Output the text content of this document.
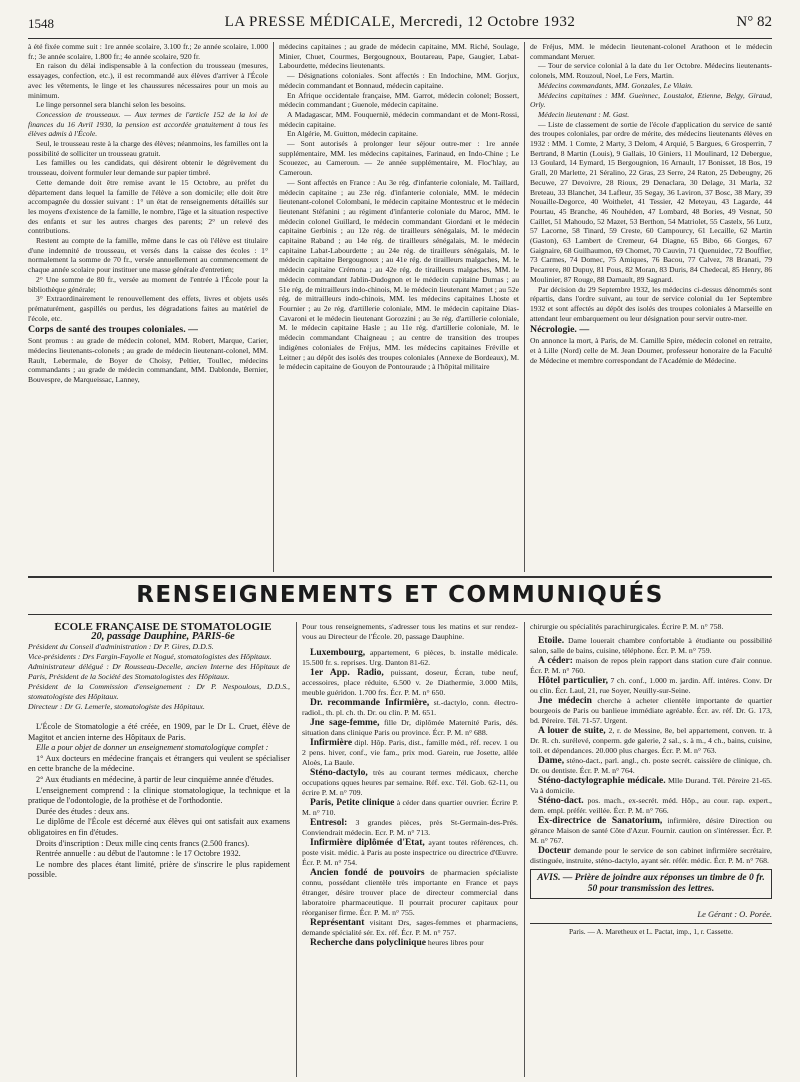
1548	LA PRESSE MÉDICALE, Mercredi, 12 Octobre 1932	N° 82

à été fixée comme suit : 1re année scolaire, 3.100 fr.; 2e année scolaire, 1.000 fr.; 3e année scolaire, 1.800 fr.; 4e année scolaire, 920 fr.

En raison du délai indispensable à la confection du trousseau (mesures, essayages, confection, etc.), il est recommandé aux élèves d'arriver à l'École avec les vêtements, le linge et les chaussures nécessaires pour un mois au minimum.

Le linge personnel sera blanchi selon les besoins.

Concession de trousseaux. — Aux termes de l'article 152 de la loi de finances du 16 Avril 1930, la pension est accordée gratuitement à tous les élèves admis à l'École.

Seul, le trousseau reste à la charge des élèves; néanmoins, les familles ont la possibilité de solliciter un trousseau gratuit.

Les familles ou les candidats, qui désirent obtenir le dégrèvement du trousseau, doivent formuler leur demande sur papier timbré.

Cette demande doit être remise avant le 15 Octobre, au préfet du département dans lequel la famille de l'élève a son domicile; elle doit être accompagnée du dossier suivant : 1° un état de renseignements détaillés sur les moyens d'existence de la famille, le nombre, l'âge et la situation respective des enfants et sur les autres charges des parents; 2° un relevé des contributions.

Restent au compte de la famille, même dans le cas où l'élève est titulaire d'une indemnité de trousseau, et versés dans la caisse des écoles : 1° normalement la somme de 70 fr., versée annuellement au commencement de chaque année scolaire pour instituer une masse générale d'entretien;

2° Une somme de 80 fr., versée au moment de l'entrée à l'École pour la bibliothèque générale;

3° Extraordinairement le renouvellement des effets, livres et objets usés prématurément, gaspillés ou perdus, les dégradations faites au matériel de l'école, etc.

Corps de santé des troupes coloniales. —

Sont promus : au grade de médecin colonel, MM. Robert, Marque, Carier, médecins lieutenants-colonels ; au grade de médecin lieutenant-colonel, MM. Rault, Lebermale, de Boyer de Choisy, Peltier, Toullec, médecins commandants ; au grade de médecin commandant, MM. Dablonde, Bernier, Bouvespre, de Marqueissac, Lanney,

médecins capitaines ; au grade de médecin capitaine, MM. Riché, Soulage, Minier, Chuet, Courmes, Bergougnoux, Boutareau, Pape, Gaugier, Labat-Labourdette, médecins lieutenants.

— Désignations coloniales. Sont affectés : En Indochine, MM. Gorjux, médecin commandant et Bonnaud, médecin capitaine.

En Afrique occidentale française, MM. Garrot, médecin colonel; Bossert, médecin commandant ; Guenole, médecin capitaine.

A Madagascar, MM. Fouquerniè, médecin commandant et de Mont-Rossi, médecin capitaine.

En Algérie, M. Guitton, médecin capitaine.

— Sont autorisés à prolonger leur séjour outre-mer : 1re année supplémentaire, MM. les médecins capitaines, Farinaud, en Indo-Chine ; Le Scouezec, au Cameroun. — 2e année supplémentaire, M. Floc'hlay, au Cameroun.

— Sont affectés en France : Au 3e rég. d'infanterie coloniale, M. Taillard, médecin capitaine ; au 23e rég. d'infanterie coloniale, MM. le médecin lieutenant-colonel Colombani, le médecin capitaine Montestruc et le médecin lieutenant Stéfanini ; au régiment d'infanterie coloniale du Maroc, MM. le médecin colonel Guillard, le médecin commandant Giordani et le médecin capitaine Gerbinis ; au 12e rég. de tirailleurs sénégalais, M. le médecin capitaine Raband ; au 14e rég. de tirailleurs sénégalais, M. le médecin capitaine Labat-Labourdette ; au 24e rég. de tirailleurs sénégalais, M. le médecin capitaine Bergougnoux ; au 41e rég. de tirailleurs malgaches, M. le médecin capitaine Crémona ; au 42e rég. de tirailleurs malgaches, MM. le médecin commandant Jablin-Dudognon et le médecin capitaine Dumas ; au 51e rég. de mitrailleurs indo-chinois, M. le médecin lieutenant Mamet ; au 52e rég. de mitrailleurs indo-chinois, MM. les médecins capitaines Lhoste et Fournier ; au 2e rég. d'artillerie coloniale, MM. le médecin capitaine Dias-Cavaroni et le médecin lieutenant Gorozzini ; au 3e rég. d'artillerie coloniale, M. le médecin capitaine Hasle ; au 11e rég. d'artillerie coloniale, M. le médecin commandant Chaigneau ; au centre de transition des troupes indigènes coloniales de Fréjus, MM. les médecins capitaines Fréville et Leitner ; au dépôt des isolés des troupes coloniales (Annexe de Bordeaux), M. le médecin capitaine de Gouyon de Pontouraude ; à l'hôpital militaire

de Fréjus, MM. le médecin lieutenant-colonel Arathoon et le médecin commandant Meruer.

— Tour de service colonial à la date du 1er Octobre. Médecins lieutenants-colonels, MM. Rouzoul, Noel, Le Fers, Martin.

Médecins commandants, MM. Gonzales, Le Vilain.

Médecins capitaines : MM. Gueinnec, Loustalot, Etienne, Belgy, Giraud, Orly.

Médecin lieutenant : M. Gast.

— Liste de classement de sortie de l'école d'application du service de santé des troupes coloniales, par ordre de mérite, des médecins lieutenants élèves en 1932 : MM. 1 Comte, 2 Marty, 3 Delom, 4 Arquié, 5 Bargues, 6 Grosperrin, 7 Bertrand, 8 Martin (Louis), 9 Gallais, 10 Giniers, 11 Moulinard, 12 Debergue, 13 Goulard, 14 Eymard, 15 Bergougnion, 16 Arnault, 17 Bonisset, 18 Bos, 19 Grall, 20 Marlette, 21 Séralino, 22 Gras, 23 Serre, 24 Raton, 25 Debeugny, 26 Becuwe, 27 Devoivre, 28 Rioux, 29 Denaclara, 30 Delage, 31 Marla, 32 Breteau, 33 Blanchet, 34 Lafleur, 35 Segay, 36 Laviron, 37 Bosc, 38 Mary, 39 Nouaille-Degorce, 40 Woithelet, 41 Tessier, 42 Meteyau, 43 Lagarde, 44 Pourtau, 45 Branche, 46 Nouhéden, 47 Lombard, 48 Bories, 49 Vesnat, 50 Caillet, 51 Mahoudo, 52 Mazet, 53 Berthon, 54 Matriolet, 55 Castelx, 56 Lutz, 57 Lacorne, 58 Tinard, 59 Creste, 60 Campourcy, 61 Lecaille, 62 Martin (Gaston), 63 Lambert de Cremeur, 64 Diagne, 65 Bibo, 66 Gorges, 67 Gaignaire, 68 Guilhaumon, 69 Chomet, 70 Cauvin, 71 Quenuidec, 72 Bouffier, 73 Carmes, 74 Domec, 75 Amiques, 76 Bacou, 77 Calvez, 78 Branati, 79 Pecarrere, 80 Dupuy, 81 Pous, 82 Moran, 83 Duris, 84 Chedecal, 85 Henry, 86 Moulinier, 87 Rouge, 88 Darnault, 89 Sagnard.

Par décision du 29 Septembre 1932, les médecins ci-dessus dénommés sont répartis, dans l'ordre suivant, au tour de service colonial du 1er Septembre 1932 et sont affectés au dépôt des isolés des troupes coloniales à Marseille en attendant leur embarquement ou leur désignation pour servir outre-mer.

Nécrologie. —

On annonce la mort, à Paris, de M. Camille Spire, médecin colonel en retraite, et à Lille (Nord) celle de M. Jean Doumer, professeur honoraire de la Faculté de Médecine et membre correspondant de l'Académie de Médecine.

RENSEIGNEMENTS ET COMMUNIQUÉS

ÉCOLE FRANÇAISE DE STOMATOLOGIE

20, passage Dauphine, PARIS-6e

Président du Conseil d'administration : Dr P. Gires, D.D.S.

Vice-présidents : Drs Fargin-Fayolle et Nogué, stomatologistes des Hôpitaux.

Administrateur délégué : Dr Rousseau-Decelle, ancien Interne des Hôpitaux de Paris, Président de la Société des Stomatologistes des Hôpitaux.

Président de la Commission d'enseignement : Dr P. Nespoulous, D.D.S., stomatologiste des Hôpitaux.

Directeur : Dr G. Lemerle, stomatologiste des Hôpitaux.

L'École de Stomatologie a été créée, en 1909, par le Dr L. Cruet, élève de Magitot et ancien interne des Hôpitaux de Paris.

Elle a pour objet de donner un enseignement stomatologique complet :

1° Aux docteurs en médecine français et étrangers qui veulent se spécialiser en cette branche de la médecine.

2° Aux étudiants en médecine, à partir de leur cinquième année d'études.

L'enseignement comprend : la clinique stomatologique, la technique et la pratique de l'odontologie, de la prothèse et de l'orthodontie.

Durée des études : deux ans.

Le diplôme de l'École est décerné aux élèves qui ont satisfait aux examens obligatoires en fin d'études.

Droits d'inscription : Deux mille cinq cents francs (2.500 francs).

Rentrée annuelle : au début de l'automne : le 17 Octobre 1932.

Le nombre des places étant limité, prière de s'inscrire le plus rapidement possible.

Pour tous renseignements, s'adresser tous les matins et sur rendez-vous au Directeur de l'École. 20, passage Dauphine.

Luxembourg, appartement, 6 pièces, b. installe médicale. 15.500 fr. s. reprises. Urg. Danton 81-62.

1er App. Radio, puissant, doseur, Écran, tube neuf, accessoires, place réduite, 6.500 v. 2e Diathermie, 3.000 Mils, meuble guéridon. 1.700 frs. Écr. P. M. n° 650.

Dr. recommande Infirmière, st.-dactylo, conn. électro-radiol., th. pl. ch. th. Dr. ou clin. P. M. 651.

Jne sage-femme, fille Dr, diplômée Maternité Paris, dés. situation dans clinique Paris ou province. Écr. P. M. n° 688.

Infirmière dipl. Hôp. Paris, dist., famille méd., réf. recev. 1 ou 2 pens. hiver, conf., vie fam., prix mod. Garein, rue Josette, allée Aloès, La Baule.

Sténo-dactylo, très au courant termes médicaux, cherche occupations qques heures par semaine. Réf. exc. Tél. Gob. 62-11, ou écrire P. M. n° 709.

Paris, Petite clinique à céder dans quartier ouvrier. Écrire P. M. n° 710.

Entresol: 3 grandes pièces, près St-Germain-des-Prés. Conviendrait médecin. Ecr. P. M. n° 713.

Infirmière diplômée d'Etat, ayant toutes références, ch. poste visit. médic. à Paris au poste inspectrice ou directrice d'Œuvre. Écr. P. M. n° 754.

Ancien fondé de pouvoirs de pharmacien spécialiste connu, possédant clientèle très importante en France et pays étranger, désire trouver place de directeur commercial dans laboratoire pharmaceutique. Il pourrait procurer capitaux pour réorganiser firme. Écr. P. M. n° 755.

Représentant visitant Drs, sages-femmes et pharmaciens, demande spécialité sér. Ex. réf. Écr. P. M. n° 757.

Recherche dans polyclinique heures libres pour

chirurgie ou spécialités parachirurgicales. Écrire P. M. n° 758.

Etoile. Dame louerait chambre confortable à étudiante ou possibilité salon, salle de bains, cuisine, téléphone. Écr. P. M. n° 759.

A céder: maison de repos plein rapport dans station cure d'air connue. Écr. P. M. n° 760.

Hôtel particulier, 7 ch. conf., 1.000 m. jardin. Aff. intéres. Conv. Dr ou clin. Écr. Laul, 21, rue Soyer, Neuilly-sur-Seine.

Jne médecin cherche à acheter clientèle importante de quartier bourgeois de Paris ou banlieue immédiate agréable. Écr. av. réf. Dr. G. 173, bd. Péreire. Tél. 71-57. Urgent.

A louer de suite, 2, r. de Messine, 8e, bel appartement, conven. tr. à Dr. R. ch. surélevé, conperm. gde galerie, 2 sal., s. à m., 4 ch., bains, cuisine, toil. et dépendances. 20.000 plus charges. Écr. P. M. n° 763.

Dame, sténo-dact., parl. angl., ch. poste secrét. caissière de clinique, ch. Dr. ou dentiste. Écr. P. M. n° 764.

Sténo-dactylographie médicale. Mlle Durand. Tél. Péreire 21-65. Va à domicile.

Sténo-dact. pos. mach., ex-secrét. méd. Hôp., au cour. rap. expert., dem. empl. préfér. veillée. Écr. P. M. n° 766.

Ex-directrice de Sanatorium, infirmière, désire Direction ou gérance Maison de santé Côte d'Azur. Fournir. caution on s'intéresser. Écr. P. M. n° 767.

Docteur demande pour le service de son cabinet infirmière secrétaire, distinguée, instruite, sténo-dactylo, ayant sér. référ. médic. Écr. P. M. n° 768.

AVIS. — Prière de joindre aux réponses un timbre de 0 fr. 50 pour transmission des lettres.
Le Gérant : O. Porée.
Paris. — A. Maretheux et L. Pactat, imp., 1, r. Cassette.
